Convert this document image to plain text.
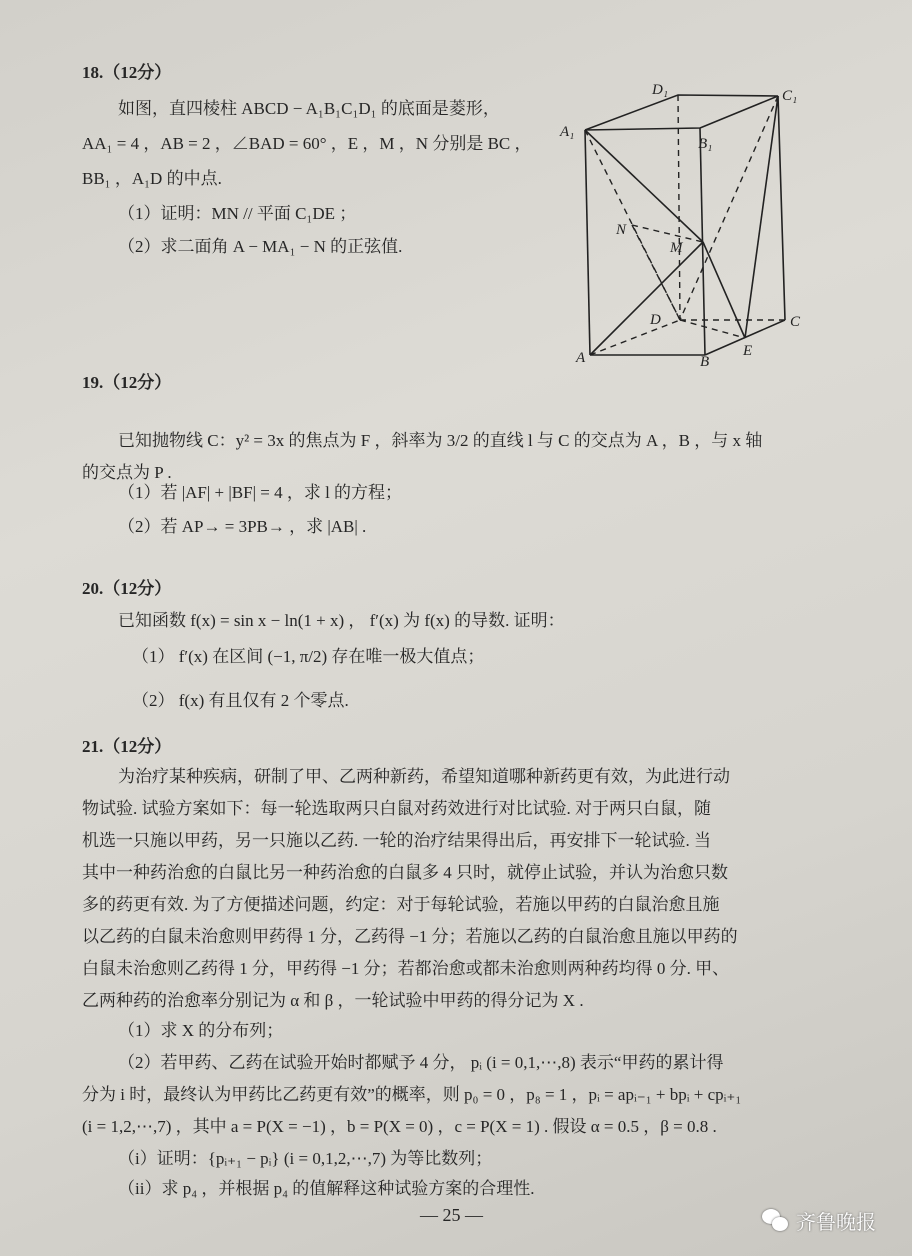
18.（12分）
如图，直四棱柱 ABCD − A₁B₁C₁D₁ 的底面是菱形，
AA₁ = 4 ，AB = 2 ，∠BAD = 60° ，E ，M ，N 分别是 BC ，
BB₁ ，A₁D 的中点.
（1）证明：MN // 平面 C₁DE ；
（2）求二面角 A − MA₁ − N 的正弦值.
D₁	C₁
A₁
B₁
N
M
D	C
E
A	B
19.（12分）
已知抛物线 C：y² = 3x 的焦点为 F ，斜率为 3/2 的直线 l 与 C 的交点为 A ，B ，与 x 轴
的交点为 P .
（1）若 |AF| + |BF| = 4 ，求 l 的方程；
（2）若 AP→ = 3PB→ ，求 |AB| .
20.（12分）
已知函数 f(x) = sin x − ln(1 + x) ， f′(x) 为 f(x) 的导数. 证明：
（1） f′(x) 在区间 (−1, π/2) 存在唯一极大值点；
（2） f(x) 有且仅有 2 个零点.
21.（12分）
为治疗某种疾病，研制了甲、乙两种新药，希望知道哪种新药更有效，为此进行动
物试验. 试验方案如下：每一轮选取两只白鼠对药效进行对比试验. 对于两只白鼠，随
机选一只施以甲药，另一只施以乙药. 一轮的治疗结果得出后，再安排下一轮试验. 当
其中一种药治愈的白鼠比另一种药治愈的白鼠多 4 只时，就停止试验，并认为治愈只数
多的药更有效. 为了方便描述问题，约定：对于每轮试验，若施以甲药的白鼠治愈且施
以乙药的白鼠未治愈则甲药得 1 分，乙药得 −1 分；若施以乙药的白鼠治愈且施以甲药的
白鼠未治愈则乙药得 1 分，甲药得 −1 分；若都治愈或都未治愈则两种药均得 0 分. 甲、
乙两种药的治愈率分别记为 α 和 β ，一轮试验中甲药的得分记为 X .
（1）求 X 的分布列；
（2）若甲药、乙药在试验开始时都赋予 4 分， pᵢ (i = 0,1,⋯,8) 表示“甲药的累计得
分为 i 时，最终认为甲药比乙药更有效”的概率，则 p₀ = 0 ，p₈ = 1 ，pᵢ = apᵢ₋₁ + bpᵢ + cpᵢ₊₁
(i = 1,2,⋯,7) ，其中 a = P(X = −1) ，b = P(X = 0) ，c = P(X = 1) . 假设 α = 0.5 ，β = 0.8 .
（i）证明：{pᵢ₊₁ − pᵢ} (i = 0,1,2,⋯,7) 为等比数列；
（ii）求 p₄ ，并根据 p₄ 的值解释这种试验方案的合理性.
— 25 —	齐鲁晚报
